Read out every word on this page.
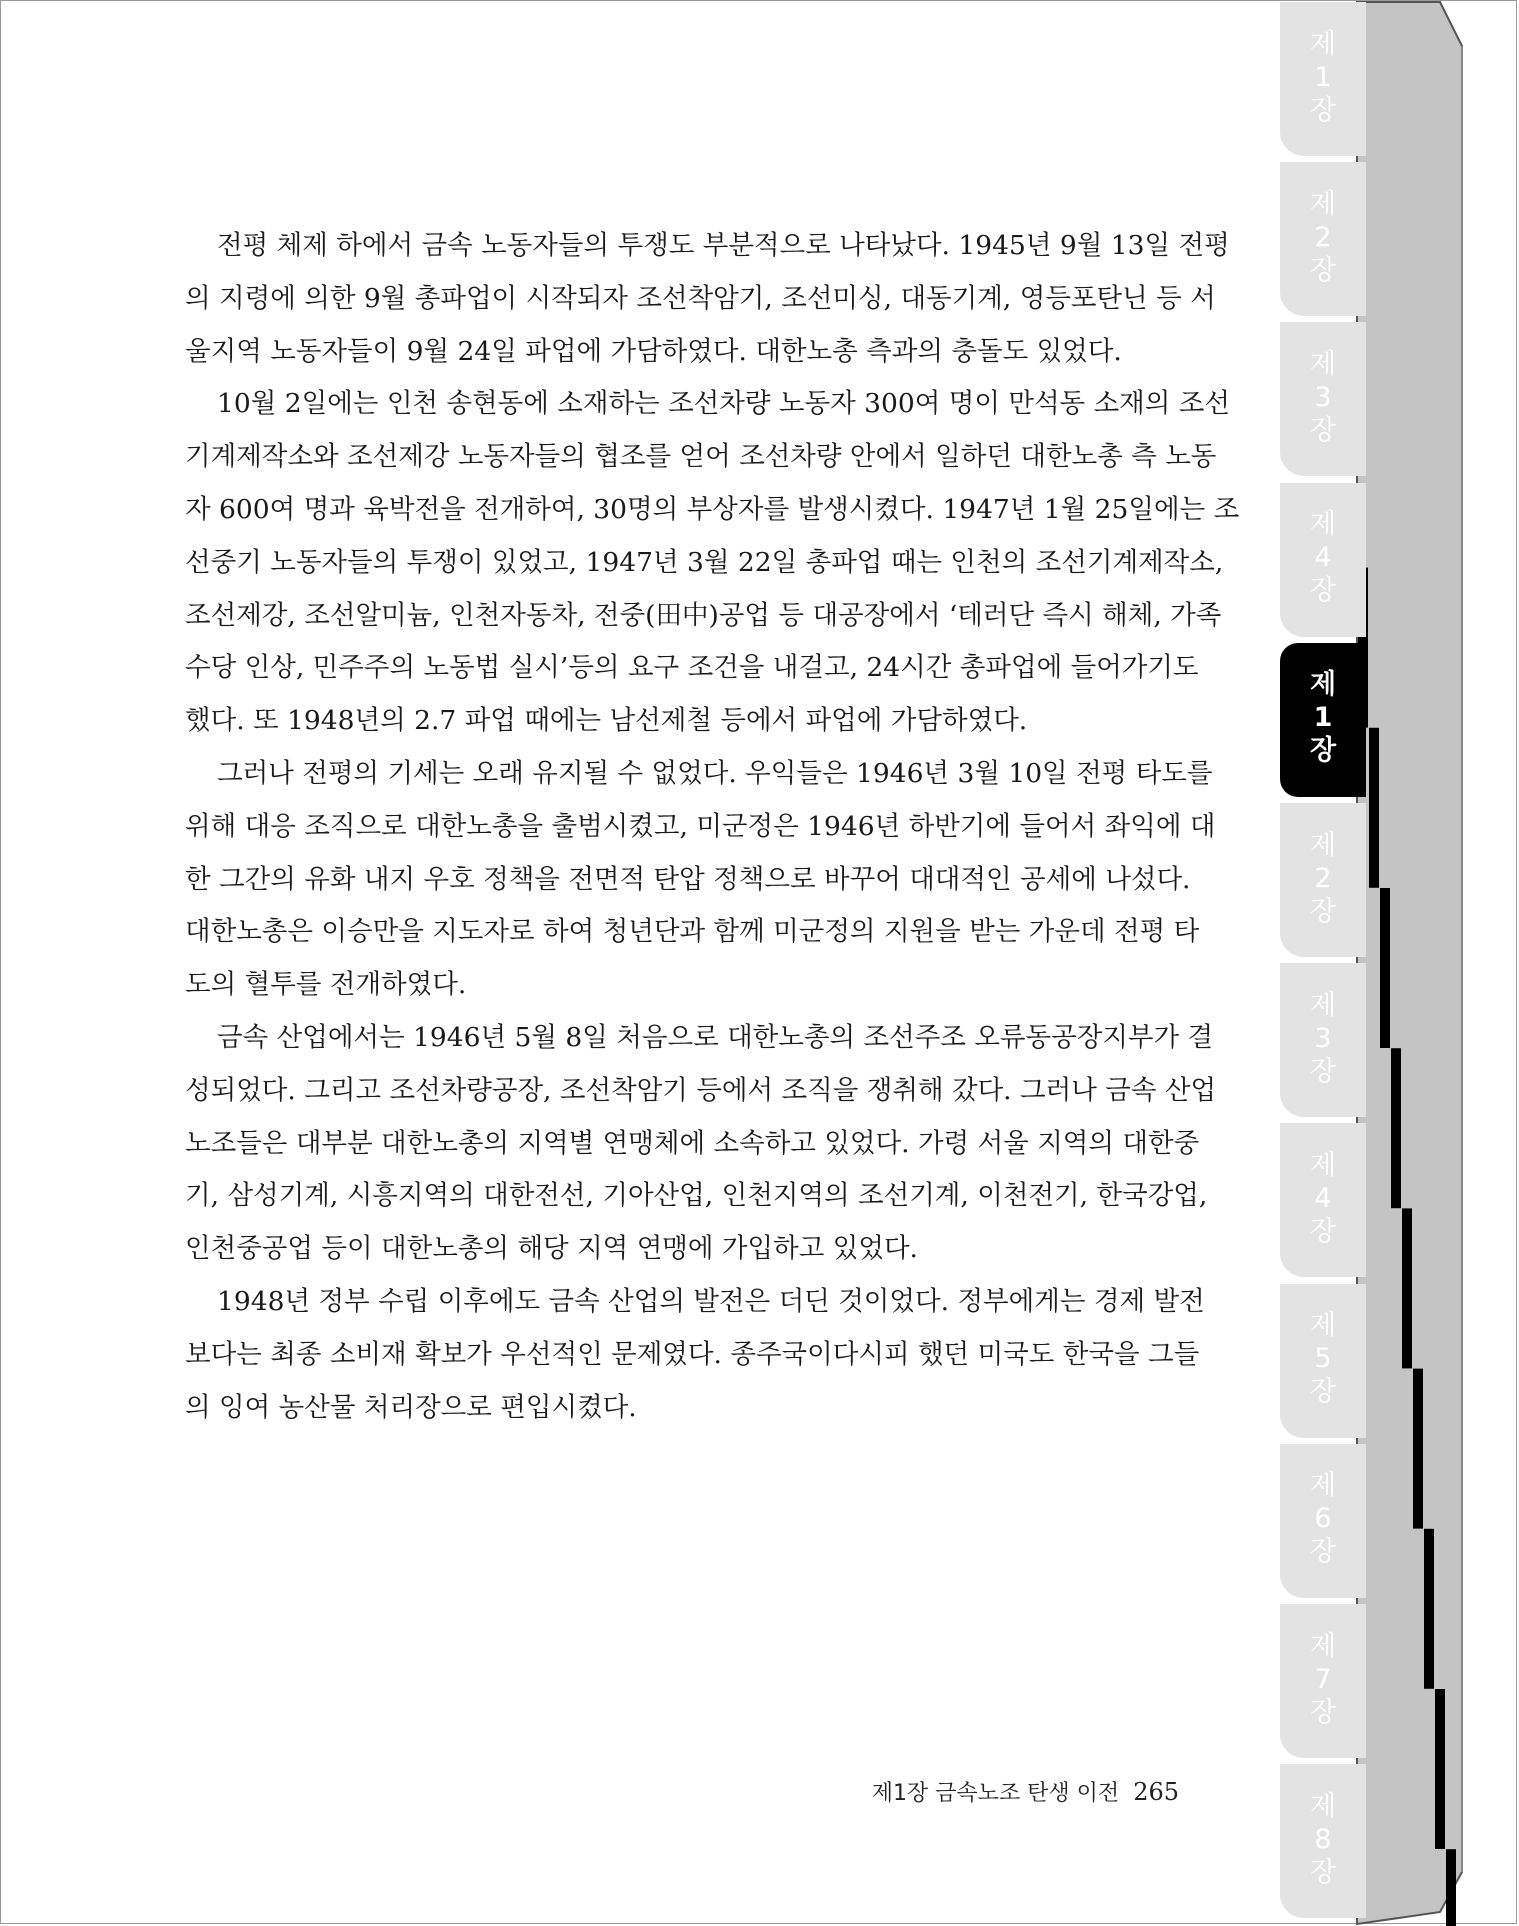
전평 체제 하에서 금속 노동자들의 투쟁도 부분적으로 나타났다. 1945년 9월 13일 전평
의 지령에 의한 9월 총파업이 시작되자 조선착암기, 조선미싱, 대동기계, 영등포탄닌 등 서
울지역 노동자들이 9월 24일 파업에 가담하였다. 대한노총 측과의 충돌도 있었다.
10월 2일에는 인천 송현동에 소재하는 조선차량 노동자 300여 명이 만석동 소재의 조선
기계제작소와 조선제강 노동자들의 협조를 얻어 조선차량 안에서 일하던 대한노총 측 노동
자 600여 명과 육박전을 전개하여, 30명의 부상자를 발생시켰다. 1947년 1월 25일에는 조
선중기 노동자들의 투쟁이 있었고, 1947년 3월 22일 총파업 때는 인천의 조선기계제작소,
조선제강, 조선알미늄, 인천자동차, 전중(田中)공업 등 대공장에서 ‘테러단 즉시 해체, 가족
수당 인상, 민주주의 노동법 실시’등의 요구 조건을 내걸고, 24시간 총파업에 들어가기도
했다. 또 1948년의 2.7 파업 때에는 남선제철 등에서 파업에 가담하였다.
그러나 전평의 기세는 오래 유지될 수 없었다. 우익들은 1946년 3월 10일 전평 타도를
위해 대응 조직으로 대한노총을 출범시켰고, 미군정은 1946년 하반기에 들어서 좌익에 대
한 그간의 유화 내지 우호 정책을 전면적 탄압 정책으로 바꾸어 대대적인 공세에 나섰다.
대한노총은 이승만을 지도자로 하여 청년단과 함께 미군정의 지원을 받는 가운데 전평 타
도의 혈투를 전개하였다.
금속 산업에서는 1946년 5월 8일 처음으로 대한노총의 조선주조 오류동공장지부가 결
성되었다. 그리고 조선차량공장, 조선착암기 등에서 조직을 쟁취해 갔다. 그러나 금속 산업
노조들은 대부분 대한노총의 지역별 연맹체에 소속하고 있었다. 가령 서울 지역의 대한중
기, 삼성기계, 시흥지역의 대한전선, 기아산업, 인천지역의 조선기계, 이천전기, 한국강업,
인천중공업 등이 대한노총의 해당 지역 연맹에 가입하고 있었다.
1948년 정부 수립 이후에도 금속 산업의 발전은 더딘 것이었다. 정부에게는 경제 발전
보다는 최종 소비재 확보가 우선적인 문제였다. 종주국이다시피 했던 미국도 한국을 그들
의 잉여 농산물 처리장으로 편입시켰다.
제
1
장
제
2
장
제
3
장
제
4
장
제
1
장
제
2
장
제
3
장
제
4
장
제
5
장
제
6
장
제
7
장
제
8
장
제1장 금속노조 탄생 이전 265
